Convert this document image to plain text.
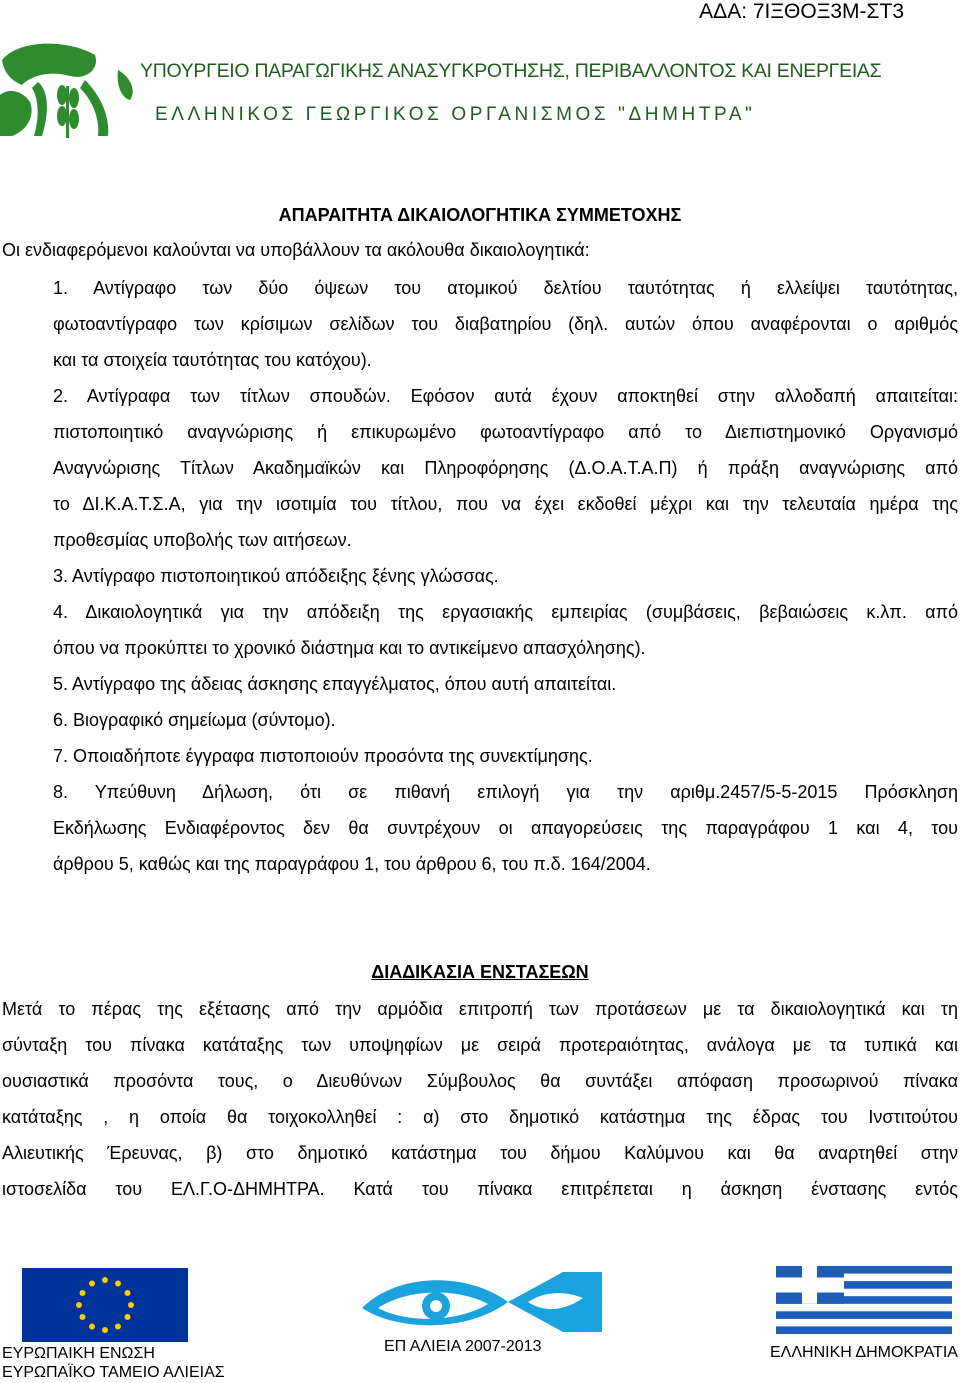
ΑΔΑ: 7ΙΞΘΟΞ3Μ-ΣΤ3
ΥΠΟΥΡΓΕΙΟ ΠΑΡΑΓΩΓΙΚΗΣ ΑΝΑΣΥΓΚΡΟΤΗΣΗΣ, ΠΕΡΙΒΑΛΛΟΝΤΟΣ ΚΑΙ ΕΝΕΡΓΕΙΑΣ
ΕΛΛΗΝΙΚΟΣ ΓΕΩΡΓΙΚΟΣ ΟΡΓΑΝΙΣΜΟΣ "ΔΗΜΗΤΡΑ"
ΑΠΑΡΑΙΤΗΤΑ ΔΙΚΑΙΟΛΟΓΗΤΙΚΑ ΣΥΜΜΕΤΟΧΗΣ
Οι ενδιαφερόμενοι καλούνται να υποβάλλουν τα ακόλουθα δικαιολογητικά:
1. Αντίγραφο των δύο όψεων του ατομικού δελτίου ταυτότητας ή ελλείψει ταυτότητας,
φωτοαντίγραφο των κρίσιμων σελίδων του διαβατηρίου (δηλ. αυτών όπου αναφέρονται ο αριθμός
και τα στοιχεία ταυτότητας του κατόχου).
2. Αντίγραφα των τίτλων σπουδών. Εφόσον αυτά έχουν αποκτηθεί στην αλλοδαπή απαιτείται:
πιστοποιητικό αναγνώρισης ή επικυρωμένο φωτοαντίγραφο από το Διεπιστημονικό Οργανισμό
Αναγνώρισης Τίτλων Ακαδημαϊκών και Πληροφόρησης (Δ.Ο.Α.Τ.Α.Π) ή πράξη αναγνώρισης από
το ΔΙ.Κ.Α.Τ.Σ.Α, για την ισοτιμία του τίτλου, που να έχει εκδοθεί μέχρι και την τελευταία ημέρα της
προθεσμίας υποβολής των αιτήσεων.
3. Αντίγραφο πιστοποιητικού απόδειξης ξένης γλώσσας.
4. Δικαιολογητικά για την απόδειξη της εργασιακής εμπειρίας (συμβάσεις, βεβαιώσεις κ.λπ. από
όπου να προκύπτει το χρονικό διάστημα και το αντικείμενο απασχόλησης).
5. Αντίγραφο της άδειας άσκησης επαγγέλματος, όπου αυτή απαιτείται.
6. Βιογραφικό σημείωμα (σύντομο).
7. Οποιαδήποτε έγγραφα πιστοποιούν προσόντα της συνεκτίμησης.
8. Υπεύθυνη Δήλωση, ότι σε πιθανή επιλογή για την αριθμ.2457/5-5-2015 Πρόσκληση
Εκδήλωσης Ενδιαφέροντος δεν θα συντρέχουν οι απαγορεύσεις της παραγράφου 1 και 4, του
άρθρου 5, καθώς και της παραγράφου 1, του άρθρου 6, του π.δ. 164/2004.
ΔΙΑΔΙΚΑΣΙΑ ΕΝΣΤΑΣΕΩΝ
Μετά το πέρας της εξέτασης από την αρμόδια επιτροπή των προτάσεων με τα δικαιολογητικά και τη
σύνταξη του πίνακα κατάταξης των υποψηφίων με σειρά προτεραιότητας, ανάλογα με τα τυπικά και
ουσιαστικά προσόντα τους, ο Διευθύνων Σύμβουλος θα συντάξει απόφαση προσωρινού πίνακα
κατάταξης , η οποία θα τοιχοκολληθεί : α) στο δημοτικό κατάστημα της έδρας του Ινστιτούτου
Αλιευτικής Έρευνας, β) στο δημοτικό κατάστημα του δήμου Καλύμνου και θα αναρτηθεί στην
ιστοσελίδα του ΕΛ.Γ.Ο-ΔΗΜΗΤΡΑ. Κατά του πίνακα επιτρέπεται η άσκηση ένστασης εντός
ΕΥΡΩΠΑΙΚΗ ΕΝΩΣΗ
ΕΥΡΩΠΑΪΚΟ ΤΑΜΕΙΟ ΑΛΙΕΙΑΣ
ΕΠ ΑΛΙΕΙΑ 2007-2013	ΕΛΛΗΝΙΚΗ ΔΗΜΟΚΡΑΤΙΑ
